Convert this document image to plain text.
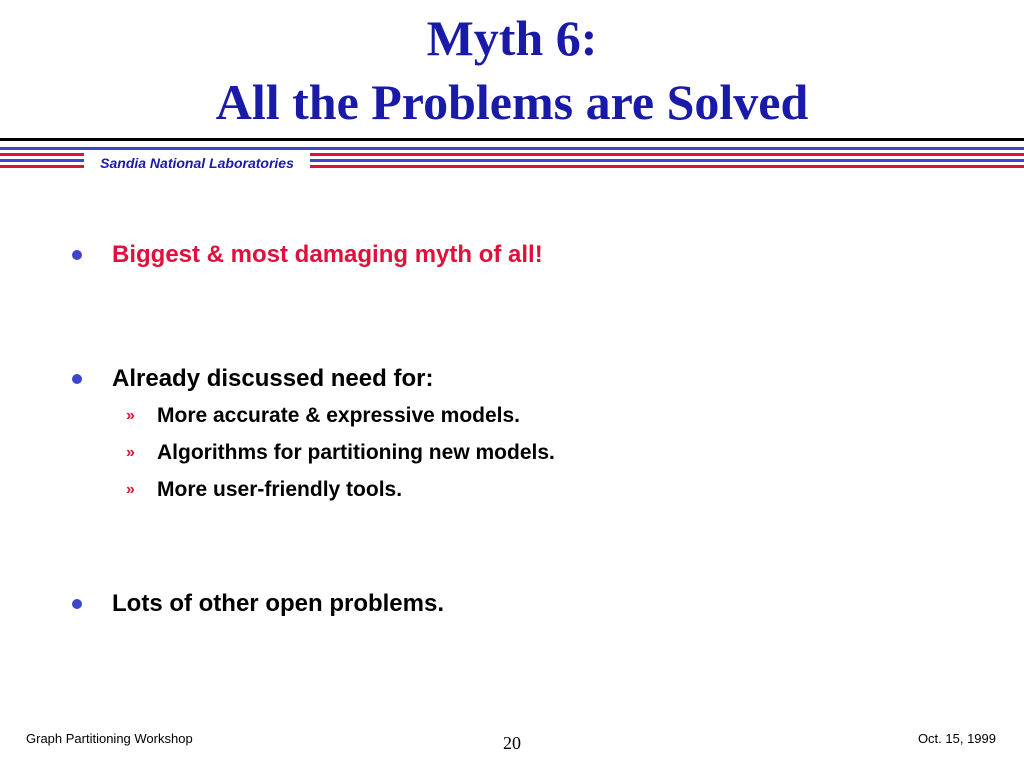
Myth 6:
All the Problems are Solved
Sandia National Laboratories
Biggest & most damaging myth of all!
Already discussed need for:
» More accurate & expressive models.
» Algorithms for partitioning new models.
» More user-friendly tools.
Lots of other open problems.
Graph Partitioning Workshop	20	Oct. 15, 1999
